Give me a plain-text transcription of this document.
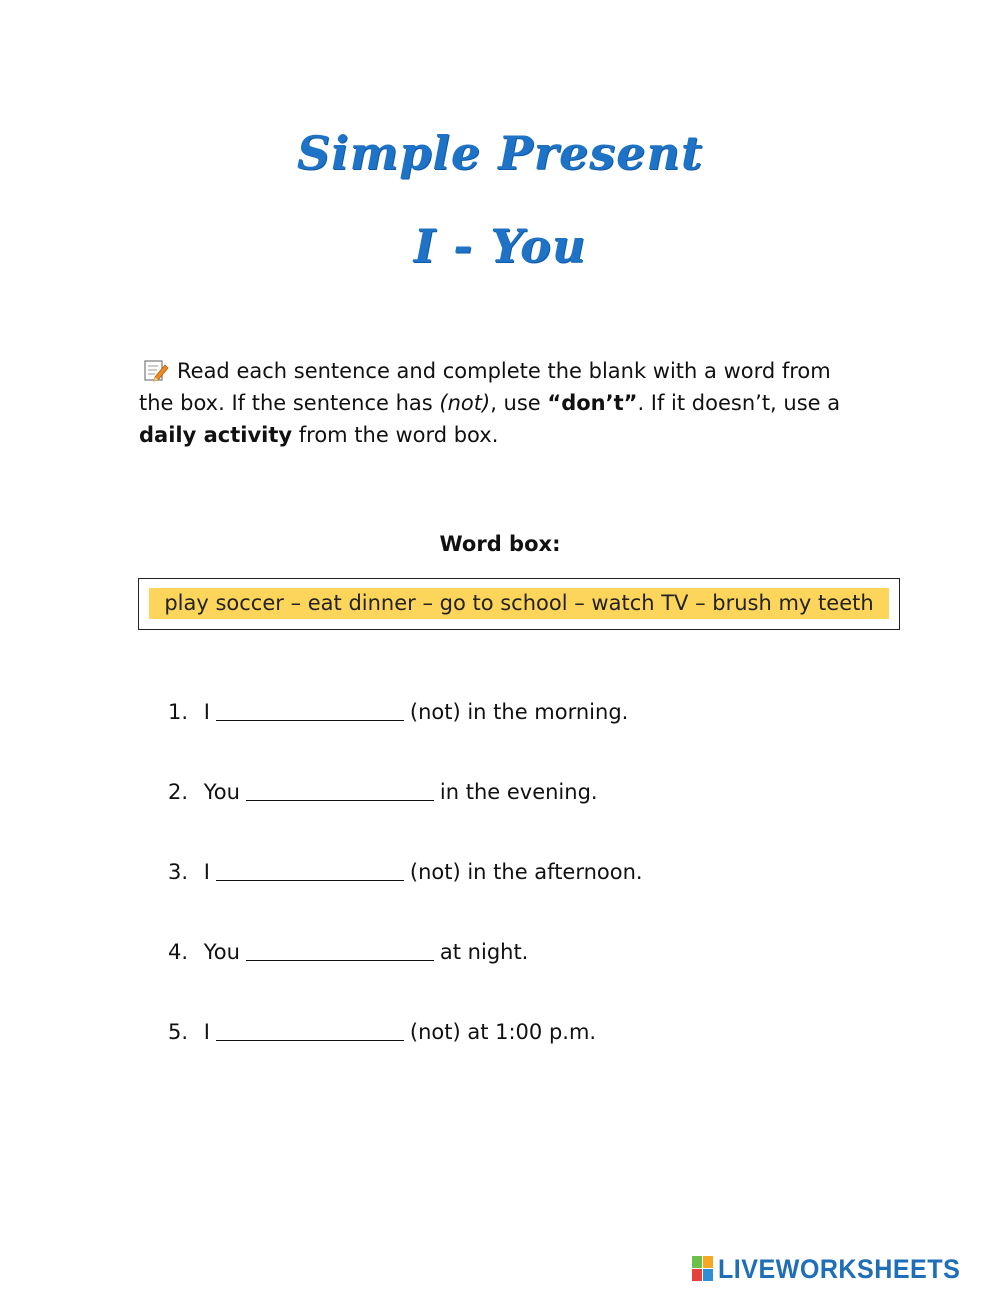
Simple Present
I - You
Read each sentence and complete the blank with a word from the box. If the sentence has (not), use “don’t”. If it doesn’t, use a daily activity from the word box.
Word box:
play soccer – eat dinner – go to school – watch TV – brush my teeth
1. I	(not) in the morning.
2. You	in the evening.
3. I	(not) in the afternoon.
4. You	at night.
5. I	(not) at 1:00 p.m.
LIVEWORKSHEETS
